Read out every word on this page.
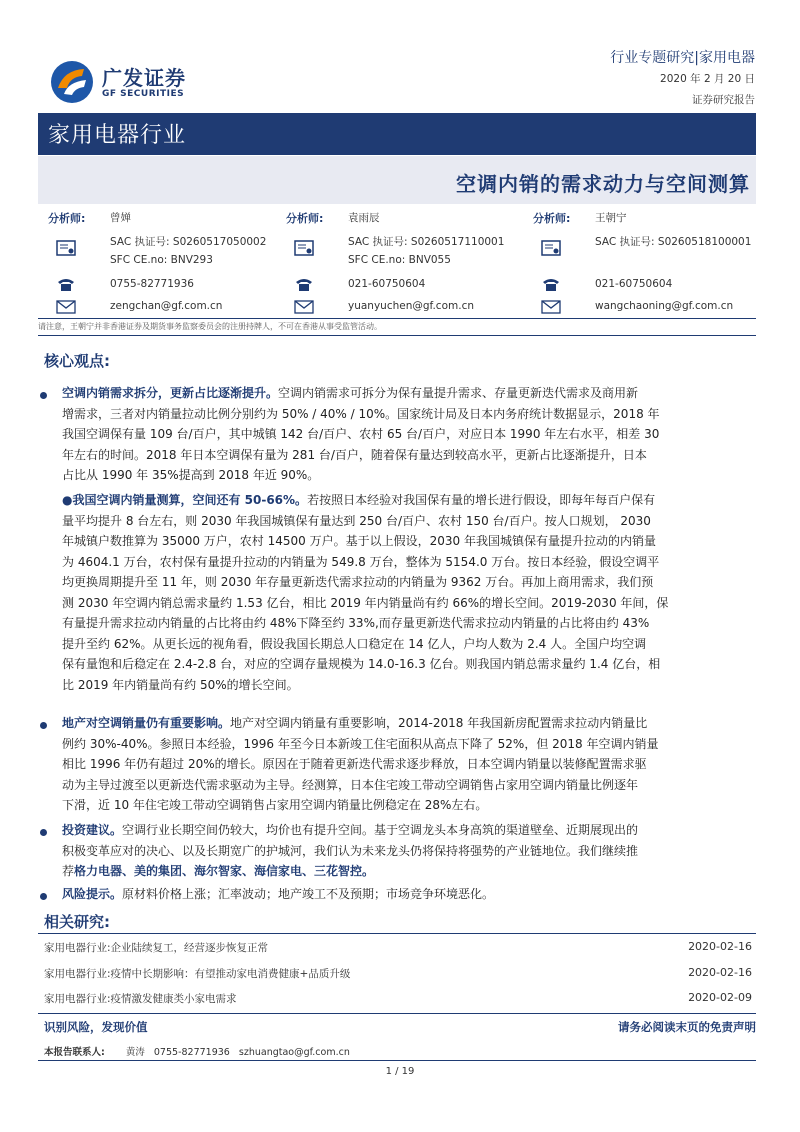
广发证券
GF SECURITIES
行业专题研究|家用电器
2020 年 2 月 20 日
证券研究报告
家用电器行业
空调内销的需求动力与空间测算
分析师: 曾婵
SAC 执证号: S0260517050002
SFC CE.no: BNV293
0755-82771936
zengchan@gf.com.cn
分析师: 袁雨辰
SAC 执证号: S0260517110001
SFC CE.no: BNV055
021-60750604
yuanyuchen@gf.com.cn
分析师: 王朝宁
SAC 执证号: S0260518100001
021-60750604
wangchaoning@gf.com.cn
请注意，王朝宁并非香港证券及期货事务监察委员会的注册持牌人，不可在香港从事受监管活动。
核心观点:
空调内销需求拆分，更新占比逐渐提升。空调内销需求可拆分为保有量提升需求、存量更新迭代需求及商用新
增需求，三者对内销量拉动比例分别约为 50% / 40% / 10%。国家统计局及日本内务府统计数据显示，2018 年
我国空调保有量 109 台/百户，其中城镇 142 台/百户、农村 65 台/百户，对应日本 1990 年左右水平，相差 30
年左右的时间。2018 年日本空调保有量为 281 台/百户，随着保有量达到较高水平，更新占比逐渐提升，日本
占比从 1990 年 35%提高到 2018 年近 90%。
●我国空调内销量测算，空间还有 50-66%。若按照日本经验对我国保有量的增长进行假设，即每年每百户保有
量平均提升 8 台左右，则 2030 年我国城镇保有量达到 250 台/百户、农村 150 台/百户。按人口规划， 2030
年城镇户数推算为 35000 万户，农村 14500 万户。基于以上假设，2030 年我国城镇保有量提升拉动的内销量
为 4604.1 万台，农村保有量提升拉动的内销量为 549.8 万台，整体为 5154.0 万台。按日本经验，假设空调平
均更换周期提升至 11 年，则 2030 年存量更新迭代需求拉动的内销量为 9362 万台。再加上商用需求，我们预
测 2030 年空调内销总需求量约 1.53 亿台，相比 2019 年内销量尚有约 66%的增长空间。2019-2030 年间，保
有量提升需求拉动内销量的占比将由约 48%下降至约 33%,而存量更新迭代需求拉动内销量的占比将由约 43%
提升至约 62%。从更长远的视角看，假设我国长期总人口稳定在 14 亿人，户均人数为 2.4 人。全国户均空调
保有量饱和后稳定在 2.4-2.8 台，对应的空调存量规模为 14.0-16.3 亿台。则我国内销总需求量约 1.4 亿台，相
比 2019 年内销量尚有约 50%的增长空间。
地产对空调销量仍有重要影响。地产对空调内销量有重要影响，2014-2018 年我国新房配置需求拉动内销量比
例约 30%-40%。参照日本经验，1996 年至今日本新竣工住宅面积从高点下降了 52%，但 2018 年空调内销量
相比 1996 年仍有超过 20%的增长。原因在于随着更新迭代需求逐步释放，日本空调内销量以装修配置需求驱
动为主导过渡至以更新迭代需求驱动为主导。经测算，日本住宅竣工带动空调销售占家用空调内销量比例逐年
下滑，近 10 年住宅竣工带动空调销售占家用空调内销量比例稳定在 28%左右。
投资建议。空调行业长期空间仍较大，均价也有提升空间。基于空调龙头本身高筑的渠道壁垒、近期展现出的
积极变革应对的决心、以及长期宽广的护城河，我们认为未来龙头仍将保持将强势的产业链地位。我们继续推
荐格力电器、美的集团、海尔智家、海信家电、三花智控。
风险提示。原材料价格上涨；汇率波动；地产竣工不及预期；市场竞争环境恶化。
相关研究:
家用电器行业:企业陆续复工，经营逐步恢复正常	2020-02-16
家用电器行业:疫情中长期影响：有望推动家电消费健康+品质升级	2020-02-16
家用电器行业:疫情激发健康类小家电需求	2020-02-09
识别风险，发现价值	请务必阅读末页的免责声明
本报告联系人: 黄涛 0755-82771936 szhuangtao@gf.com.cn
1 / 19
